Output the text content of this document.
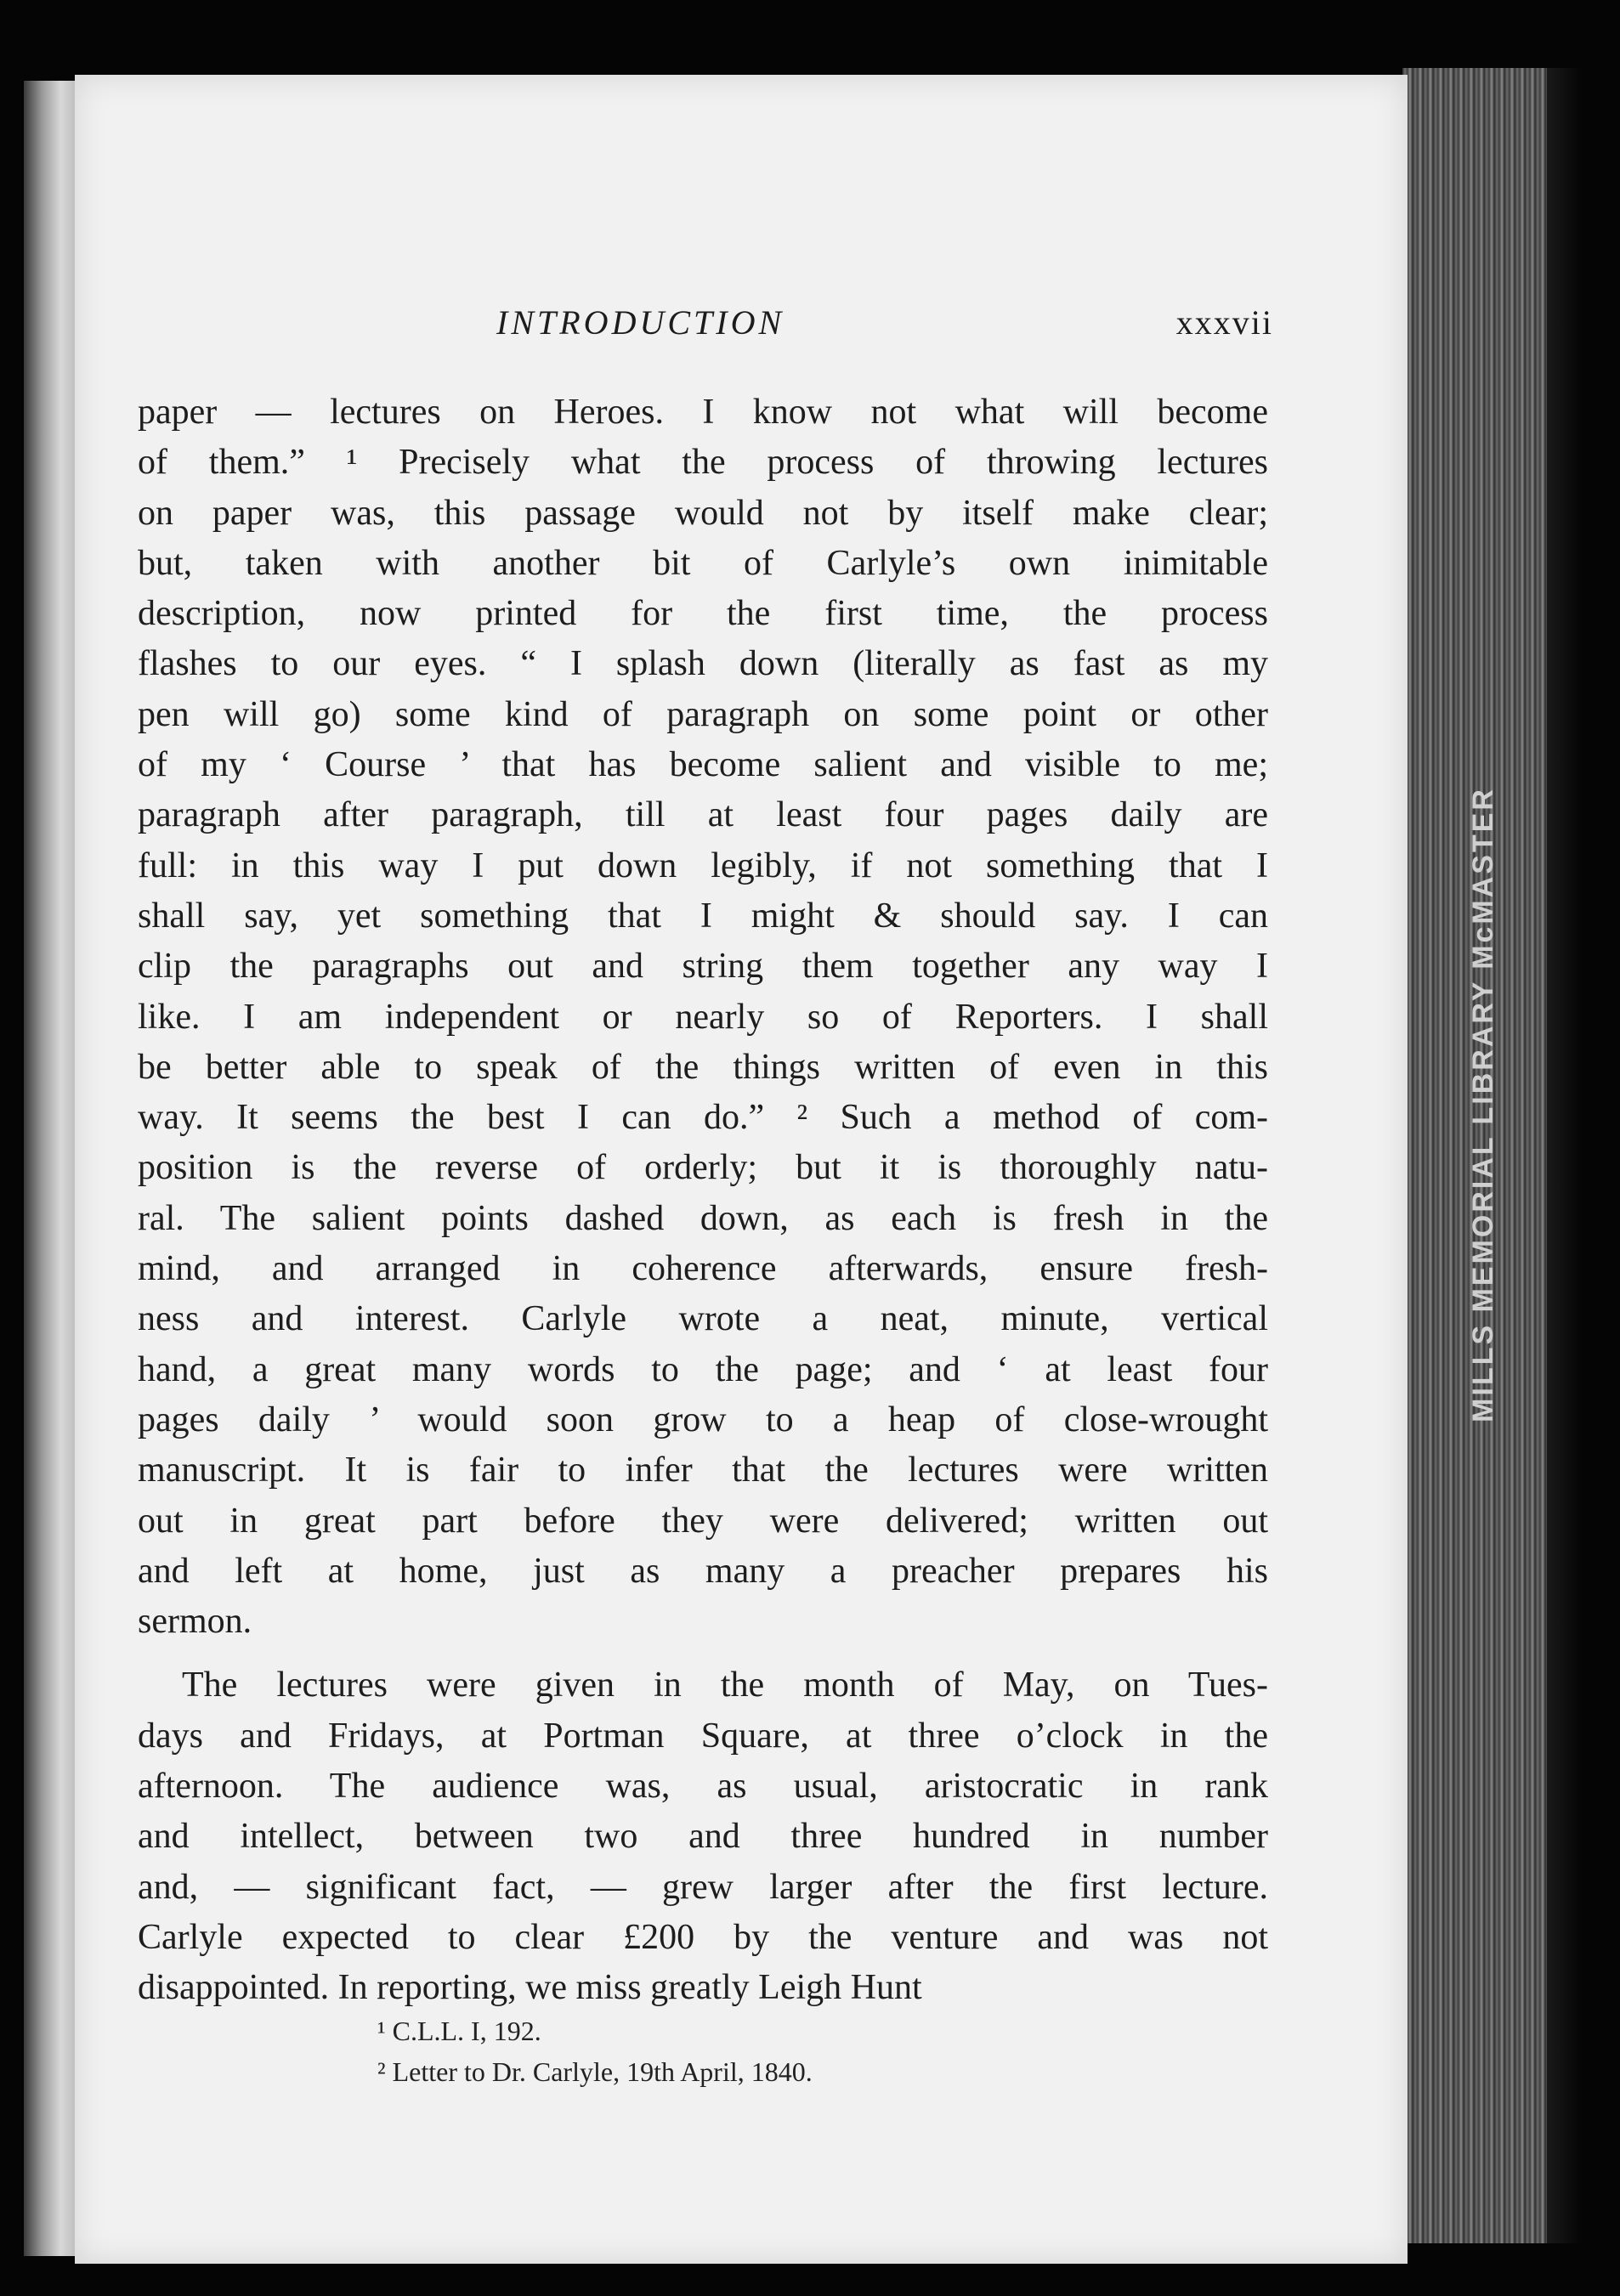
MILLS MEMORIAL LIBRARY McMASTER
INTRODUCTION	xxxvii
paper — lectures on Heroes. I know not what will become
of them.” ¹ Precisely what the process of throwing lectures
on paper was, this passage would not by itself make clear;
but, taken with another bit of Carlyle’s own inimitable
description, now printed for the first time, the process
flashes to our eyes. “ I splash down (literally as fast as my
pen will go) some kind of paragraph on some point or other
of my ‘ Course ’ that has become salient and visible to me;
paragraph after paragraph, till at least four pages daily are
full: in this way I put down legibly, if not something that I
shall say, yet something that I might & should say. I can
clip the paragraphs out and string them together any way I
like. I am independent or nearly so of Reporters. I shall
be better able to speak of the things written of even in this
way. It seems the best I can do.” ² Such a method of com-
position is the reverse of orderly; but it is thoroughly natu-
ral. The salient points dashed down, as each is fresh in the
mind, and arranged in coherence afterwards, ensure fresh-
ness and interest. Carlyle wrote a neat, minute, vertical
hand, a great many words to the page; and ‘ at least four
pages daily ’ would soon grow to a heap of close-wrought
manuscript. It is fair to infer that the lectures were written
out in great part before they were delivered; written out
and left at home, just as many a preacher prepares his
sermon.
The lectures were given in the month of May, on Tues-
days and Fridays, at Portman Square, at three o’clock in the
afternoon. The audience was, as usual, aristocratic in rank
and intellect, between two and three hundred in number
and, — significant fact, — grew larger after the first lecture.
Carlyle expected to clear £200 by the venture and was not
disappointed. In reporting, we miss greatly Leigh Hunt
¹ C.L.L. I, 192.
² Letter to Dr. Carlyle, 19th April, 1840.
